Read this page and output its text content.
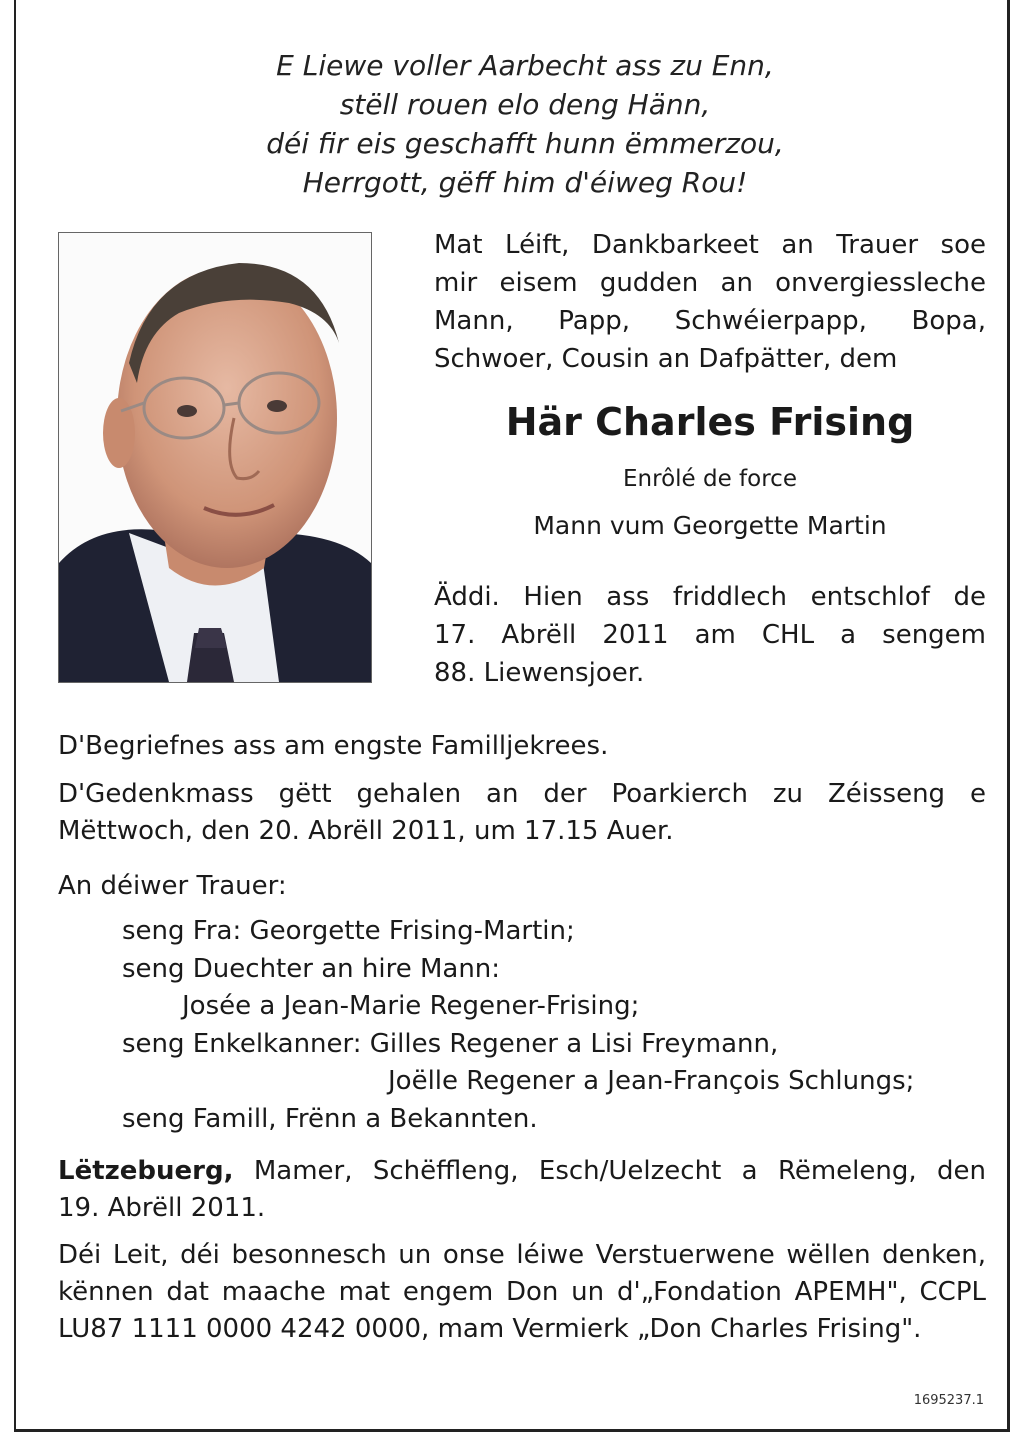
E Liewe voller Aarbecht ass zu Enn,
stëll rouen elo deng Hänn,
déi fir eis geschafft hunn ëmmerzou,
Herrgott, gëff him d'éiweg Rou!
Mat Léift, Dankbarkeet an Trauer soe
mir eisem gudden an onvergiessleche
Mann, Papp, Schwéierpapp, Bopa,
Schwoer, Cousin an Dafpätter, dem
Här Charles Frising
Enrôlé de force
Mann vum Georgette Martin
Äddi. Hien ass friddlech entschlof de
17. Abrëll 2011 am CHL a sengem
88. Liewensjoer.
D'Begriefnes ass am engste Familljekrees.
D'Gedenkmass gëtt gehalen an der Poarkierch zu Zéisseng e
Mëttwoch, den 20. Abrëll 2011, um 17.15 Auer.
An déiwer Trauer:
seng Fra: Georgette Frising-Martin;
seng Duechter an hire Mann:
Josée a Jean-Marie Regener-Frising;
seng Enkelkanner: Gilles Regener a Lisi Freymann,
Joëlle Regener a Jean-François Schlungs;
seng Famill, Frënn a Bekannten.
Lëtzebuerg, Mamer, Schëffleng, Esch/Uelzecht a Rëmeleng, den
19. Abrëll 2011.
Déi Leit, déi besonnesch un onse léiwe Verstuerwene wëllen denken,
kënnen dat maache mat engem Don un d'„Fondation APEMH", CCPL
LU87 1111 0000 4242 0000, mam Vermierk „Don Charles Frising".
1695237.1
